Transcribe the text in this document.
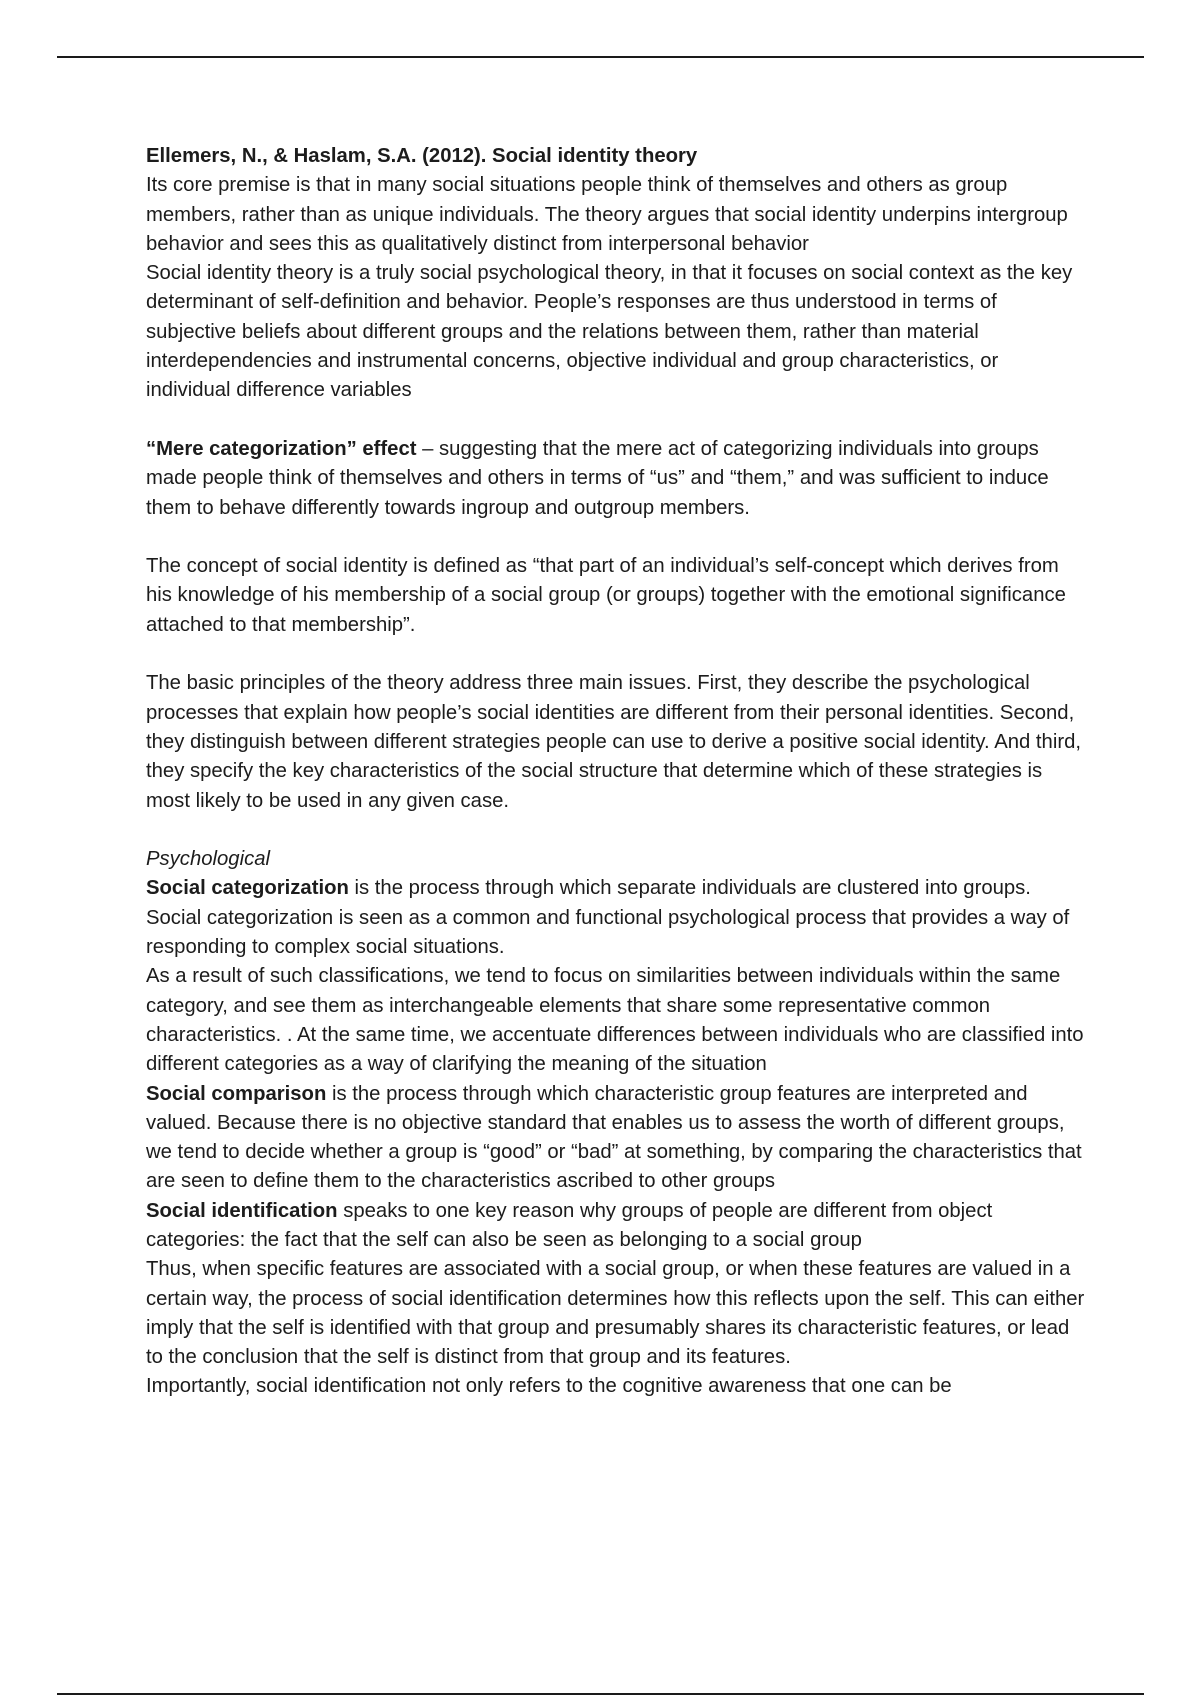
Ellemers, N., & Haslam, S.A. (2012). Social identity theory

Its core premise is that in many social situations people think of themselves and others as group members, rather than as unique individuals. The theory argues that social identity underpins intergroup behavior and sees this as qualitatively distinct from interpersonal behavior

Social identity theory is a truly social psychological theory, in that it focuses on social context as the key determinant of self-definition and behavior. People’s responses are thus understood in terms of subjective beliefs about different groups and the relations between them, rather than material interdependencies and instrumental concerns, objective individual and group characteristics, or individual difference variables

“Mere categorization” effect – suggesting that the mere act of categorizing individuals into groups made people think of themselves and others in terms of “us” and “them,” and was sufficient to induce them to behave differently towards ingroup and outgroup members.

The concept of social identity is defined as “that part of an individual’s self-concept which derives from his knowledge of his membership of a social group (or groups) together with the emotional significance attached to that membership”.

The basic principles of the theory address three main issues. First, they describe the psychological processes that explain how people’s social identities are different from their personal identities. Second, they distinguish between different strategies people can use to derive a positive social identity. And third, they specify the key characteristics of the social structure that determine which of these strategies is most likely to be used in any given case.

Psychological

Social categorization is the process through which separate individuals are clustered into groups. Social categorization is seen as a common and functional psychological process that provides a way of responding to complex social situations.

As a result of such classifications, we tend to focus on similarities between individuals within the same category, and see them as interchangeable elements that share some representative common characteristics. . At the same time, we accentuate differences between individuals who are classified into different categories as a way of clarifying the meaning of the situation

Social comparison is the process through which characteristic group features are interpreted and valued. Because there is no objective standard that enables us to assess the worth of different groups, we tend to decide whether a group is “good” or “bad” at something, by comparing the characteristics that are seen to define them to the characteristics ascribed to other groups

Social identification speaks to one key reason why groups of people are different from object categories: the fact that the self can also be seen as belonging to a social group

Thus, when specific features are associated with a social group, or when these features are valued in a certain way, the process of social identification determines how this reflects upon the self. This can either imply that the self is identified with that group and presumably shares its characteristic features, or lead to the conclusion that the self is distinct from that group and its features.

Importantly, social identification not only refers to the cognitive awareness that one can be
